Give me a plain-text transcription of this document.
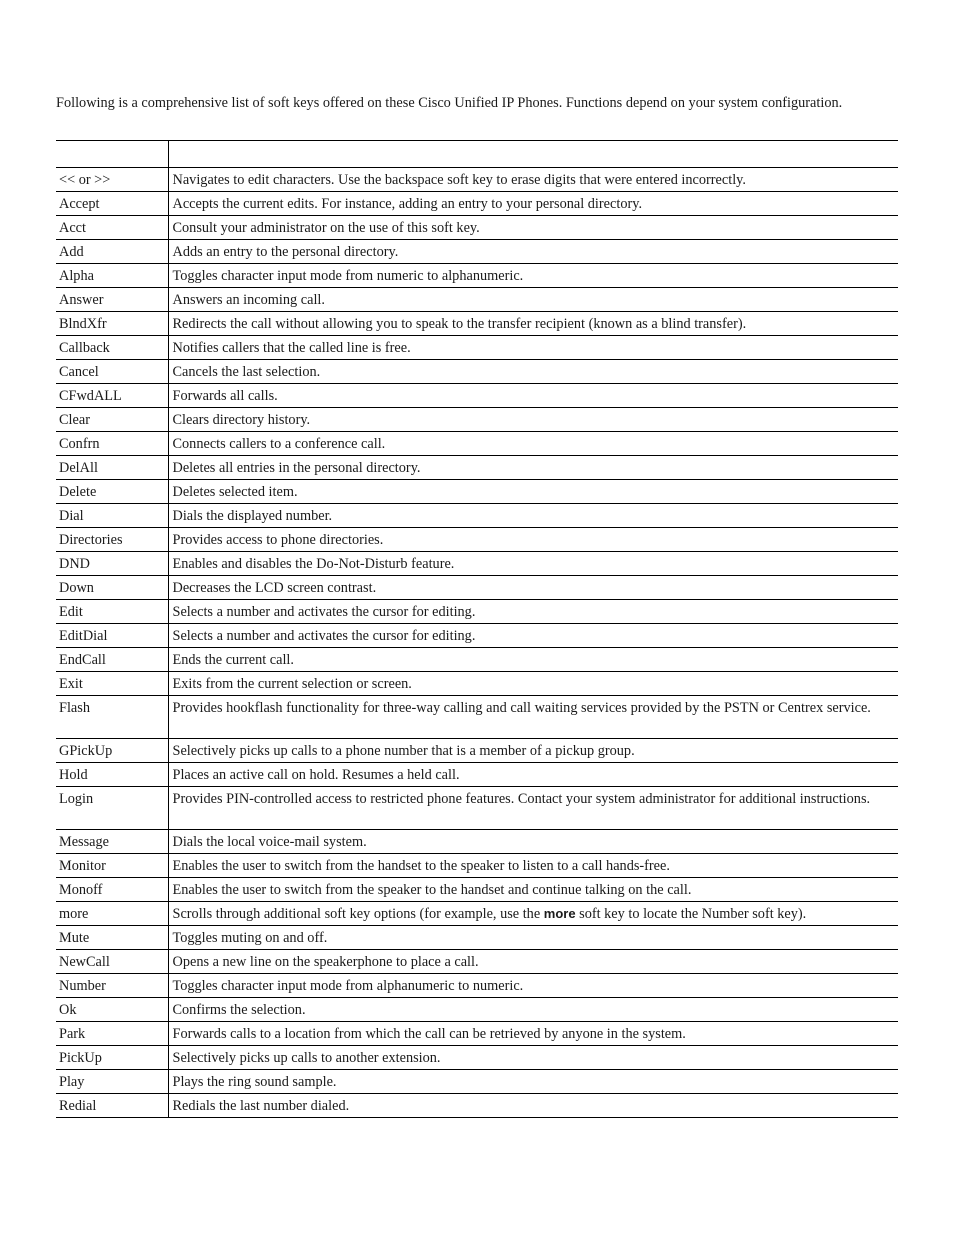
Following is a comprehensive list of soft keys offered on these Cisco Unified IP Phones. Functions depend on your system configuration.

<< or >>	Navigates to edit characters. Use the backspace soft key to erase digits that were entered incorrectly.
Accept	Accepts the current edits. For instance, adding an entry to your personal directory.
Acct	Consult your administrator on the use of this soft key.
Add	Adds an entry to the personal directory.
Alpha	Toggles character input mode from numeric to alphanumeric.
Answer	Answers an incoming call.
BlndXfr	Redirects the call without allowing you to speak to the transfer recipient (known as a blind transfer).
Callback	Notifies callers that the called line is free.
Cancel	Cancels the last selection.
CFwdALL	Forwards all calls.
Clear	Clears directory history.
Confrn	Connects callers to a conference call.
DelAll	Deletes all entries in the personal directory.
Delete	Deletes selected item.
Dial	Dials the displayed number.
Directories	Provides access to phone directories.
DND	Enables and disables the Do-Not-Disturb feature.
Down	Decreases the LCD screen contrast.
Edit	Selects a number and activates the cursor for editing.
EditDial	Selects a number and activates the cursor for editing.
EndCall	Ends the current call.
Exit	Exits from the current selection or screen.
Flash	Provides hookflash functionality for three-way calling and call waiting services provided by the PSTN or Centrex service.
GPickUp	Selectively picks up calls to a phone number that is a member of a pickup group.
Hold	Places an active call on hold. Resumes a held call.
Login	Provides PIN-controlled access to restricted phone features. Contact your system administrator for additional instructions.
Message	Dials the local voice-mail system.
Monitor	Enables the user to switch from the handset to the speaker to listen to a call hands-free.
Monoff	Enables the user to switch from the speaker to the handset and continue talking on the call.
more	Scrolls through additional soft key options (for example, use the more soft key to locate the Number soft key).
Mute	Toggles muting on and off.
NewCall	Opens a new line on the speakerphone to place a call.
Number	Toggles character input mode from alphanumeric to numeric.
Ok	Confirms the selection.
Park	Forwards calls to a location from which the call can be retrieved by anyone in the system.
PickUp	Selectively picks up calls to another extension.
Play	Plays the ring sound sample.
Redial	Redials the last number dialed.
